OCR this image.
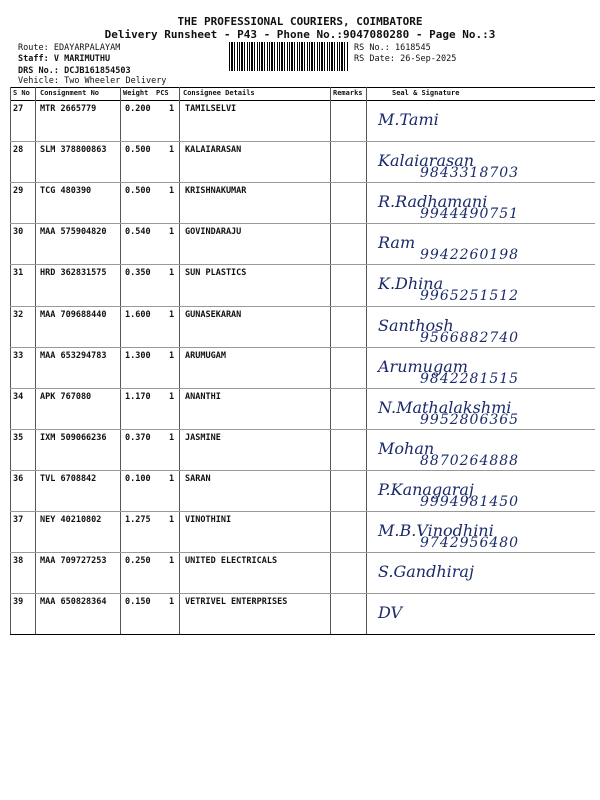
THE PROFESSIONAL COURIERS, COIMBATORE
Delivery Runsheet - P43 - Phone No.:9047080280 - Page No.:3
Route: EDAYARPALAYAM
Staff: V MARIMUTHU
DRS No.: DCJB161854503
Vehicle: Two Wheeler Delivery
RS No.: 1618545
RS Date: 26-Sep-2025
S No Consignment No	Weight PCS Consignee Details	Remarks	Seal & Signature
27 MTR 2665779	0.200 1 TAMILSELVI
M.Tami
28 SLM 378800863 0.500 1 KALAIARASAN
Kalaiarasan
9843318703
29 TCG 480390	0.500 1 KRISHNAKUMAR
R.Radhamani
9944490751
30 MAA 575904820 0.540 1 GOVINDARAJU
Ram
9942260198
31 HRD 362831575 0.350 1 SUN PLASTICS
K.Dhina
9965251512
32 MAA 709688440 1.600 1 GUNASEKARAN
Santhosh
9566882740
33 MAA 653294783 1.300 1 ARUMUGAM
Arumugam
9842281515
34 APK 767080	1.170 1 ANANTHI
N.Mathalakshmi
9952806365
35 IXM 509066236 0.370 1 JASMINE
Mohan
8870264888
36 TVL 6708842	0.100 1 SARAN
P.Kanagaraj
9994981450
37 NEY 40210802	1.275 1 VINOTHINI
M.B.Vinodhini
9742956480
38 MAA 709727253 0.250 1 UNITED ELECTRICALS
S.Gandhiraj
39 MAA 650828364 0.150 1 VETRIVEL ENTERPRISES
DV
